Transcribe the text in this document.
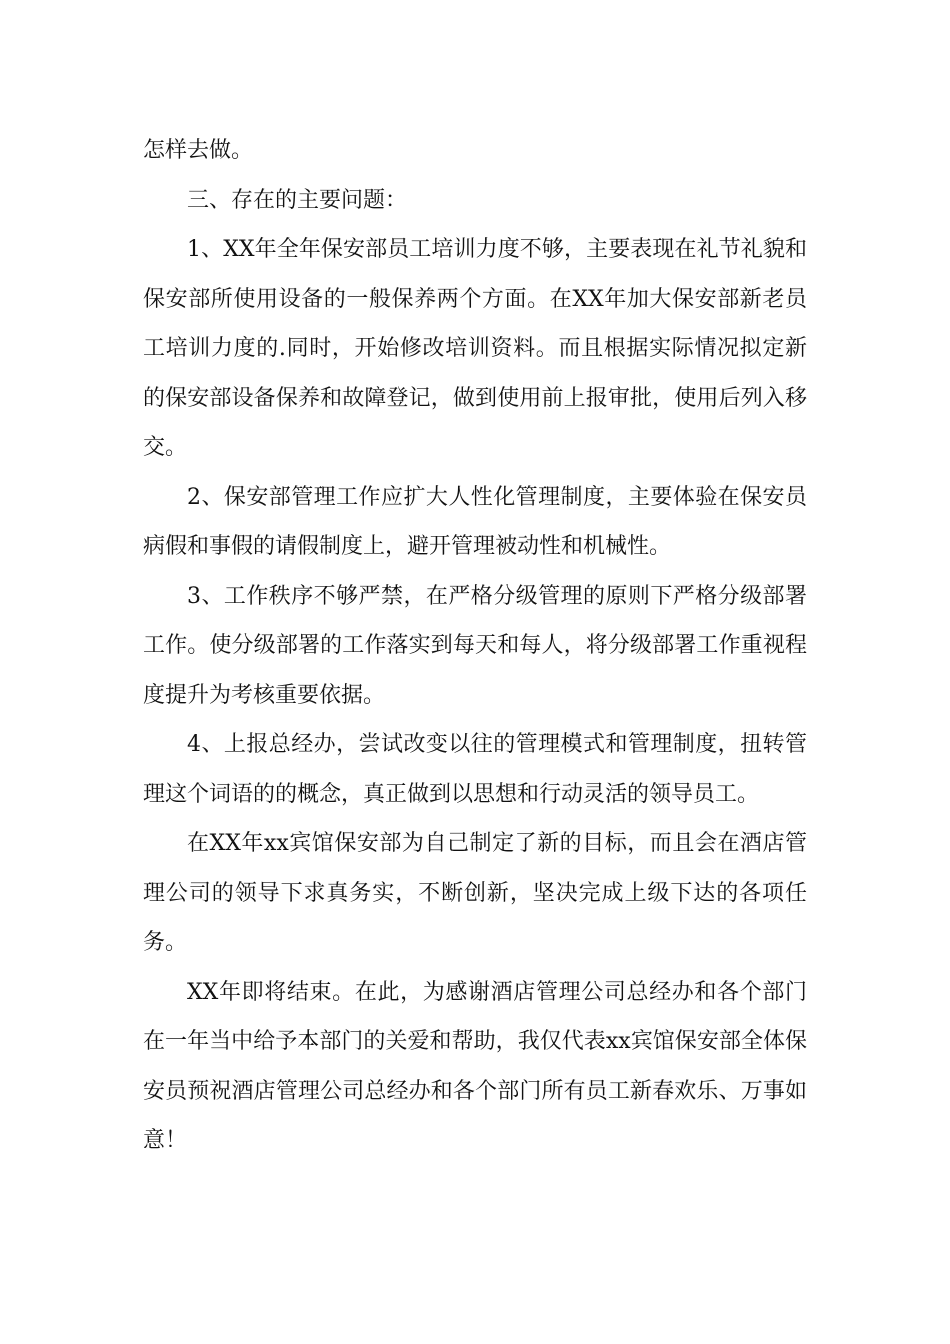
怎样去做。

三、存在的主要问题：

1、XX年全年保安部员工培训力度不够，主要表现在礼节礼貌和保安部所使用设备的一般保养两个方面。在XX年加大保安部新老员工培训力度的.同时，开始修改培训资料。而且根据实际情况拟定新的保安部设备保养和故障登记，做到使用前上报审批，使用后列入移交。

2、保安部管理工作应扩大人性化管理制度，主要体验在保安员病假和事假的请假制度上，避开管理被动性和机械性。

3、工作秩序不够严禁，在严格分级管理的原则下严格分级部署工作。使分级部署的工作落实到每天和每人，将分级部署工作重视程度提升为考核重要依据。

4、上报总经办，尝试改变以往的管理模式和管理制度，扭转管理这个词语的的概念，真正做到以思想和行动灵活的领导员工。

在XX年xx宾馆保安部为自己制定了新的目标，而且会在酒店管理公司的领导下求真务实，不断创新，坚决完成上级下达的各项任务。

XX年即将结束。在此，为感谢酒店管理公司总经办和各个部门在一年当中给予本部门的关爱和帮助，我仅代表xx宾馆保安部全体保安员预祝酒店管理公司总经办和各个部门所有员工新春欢乐、万事如意！
